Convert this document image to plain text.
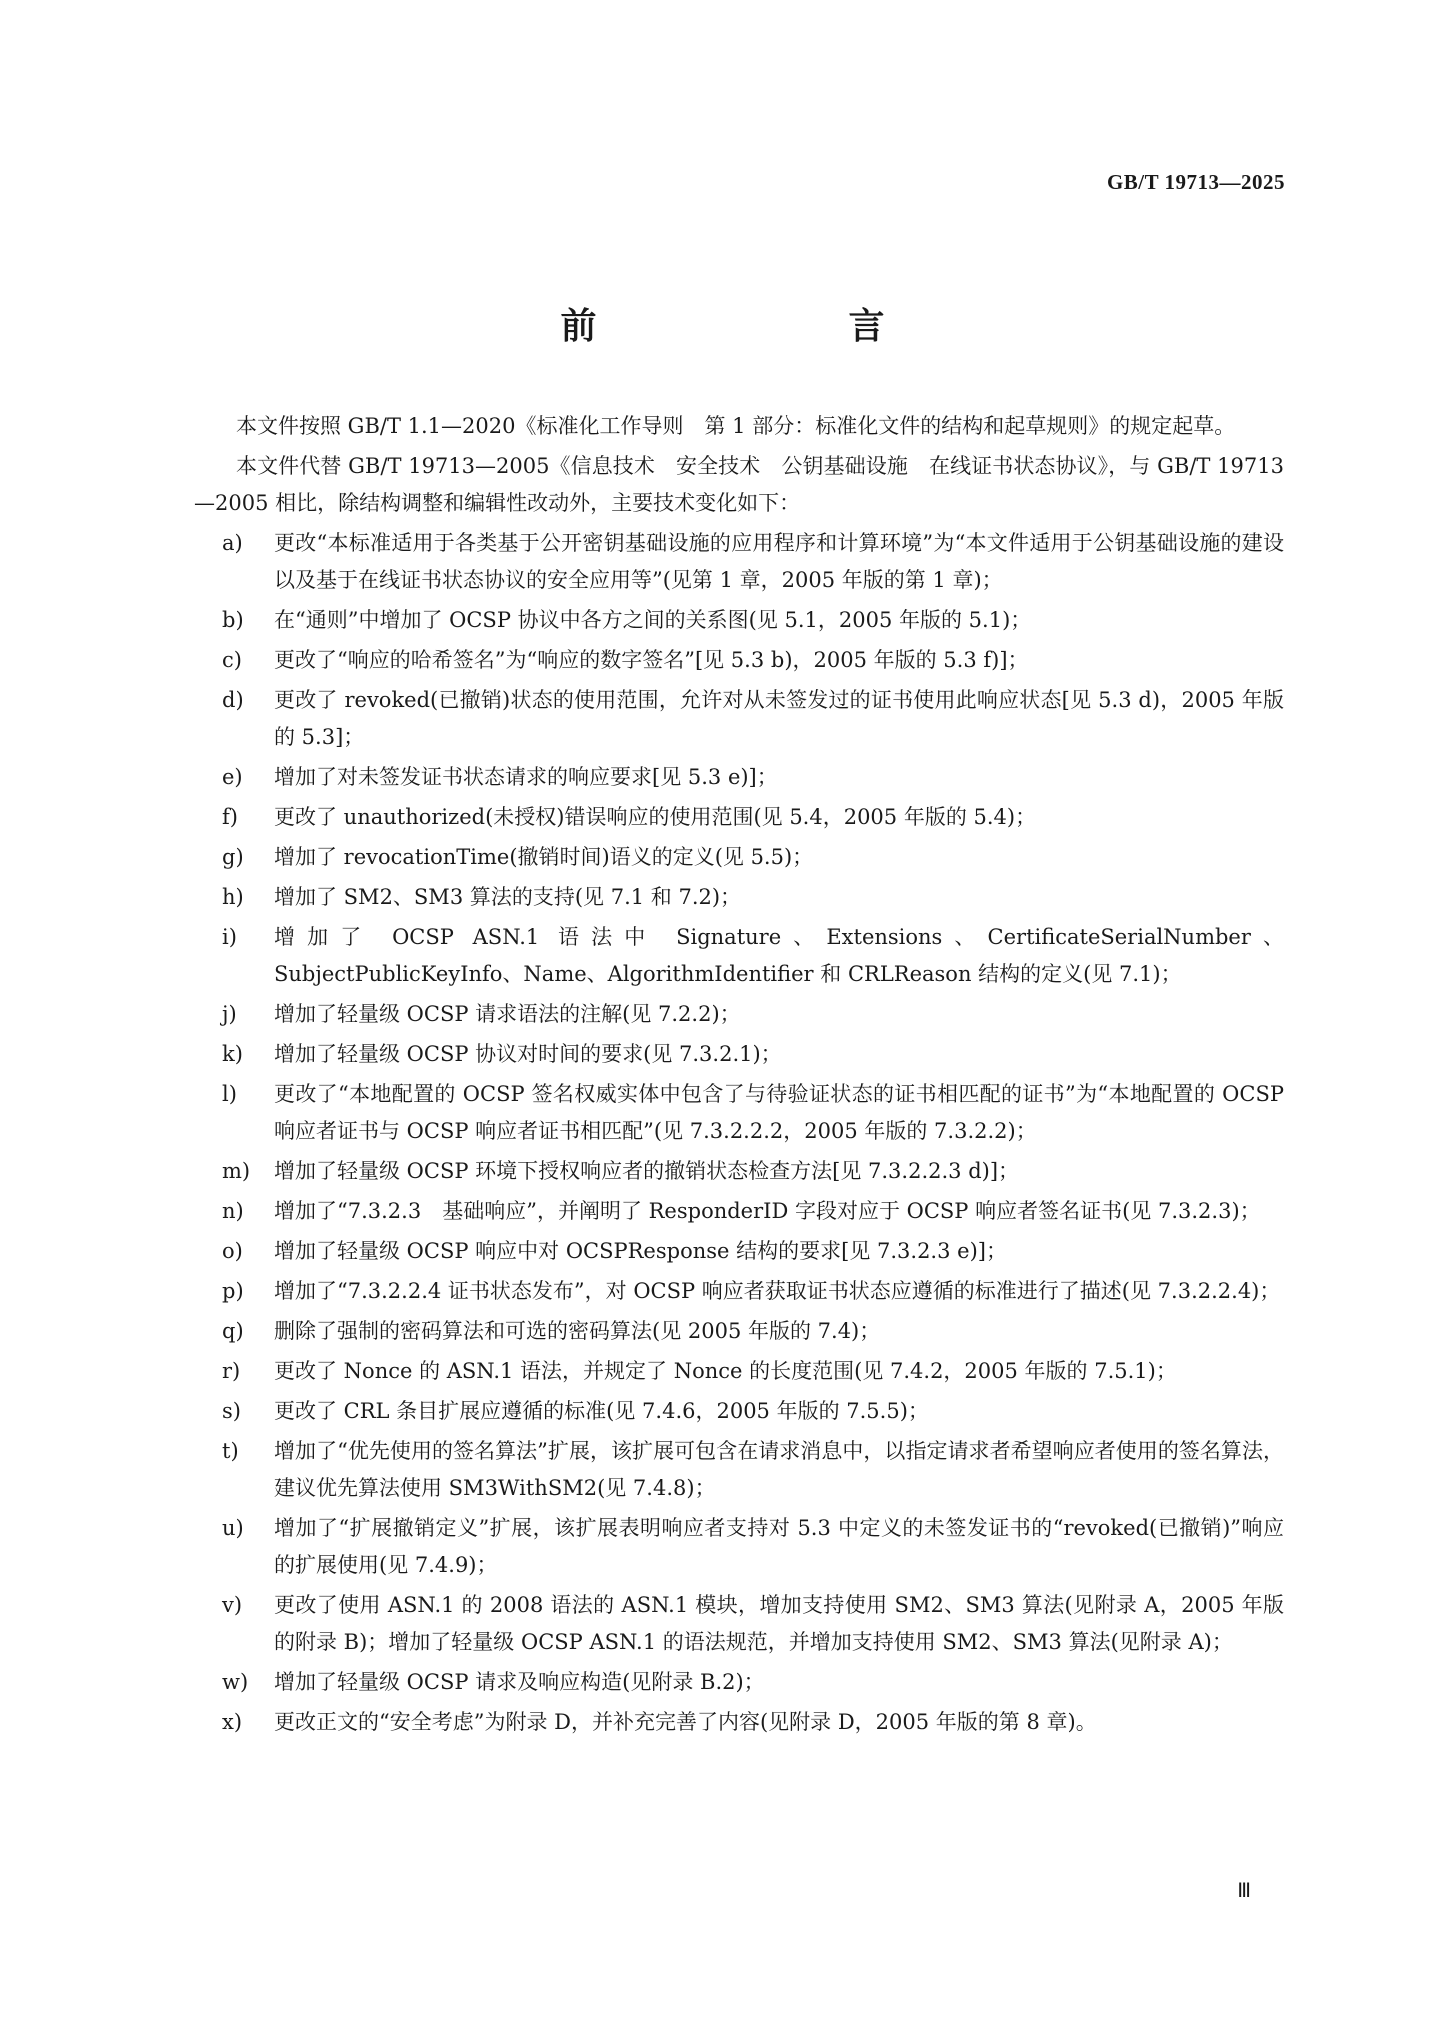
GB/T 19713—2025
前　　言

本文件按照 GB/T 1.1—2020《标准化工作导则　第 1 部分：标准化文件的结构和起草规则》的规定起草。

本文件代替 GB/T 19713—2005《信息技术　安全技术　公钥基础设施　在线证书状态协议》，与 GB/T 19713—2005 相比，除结构调整和编辑性改动外，主要技术变化如下：

a)	更改“本标准适用于各类基于公开密钥基础设施的应用程序和计算环境”为“本文件适用于公钥基础设施的建设以及基于在线证书状态协议的安全应用等”(见第 1 章，2005 年版的第 1 章)；
b)	在“通则”中增加了 OCSP 协议中各方之间的关系图(见 5.1，2005 年版的 5.1)；
c)	更改了“响应的哈希签名”为“响应的数字签名”[见 5.3 b)，2005 年版的 5.3 f)]；
d)	更改了 revoked(已撤销)状态的使用范围，允许对从未签发过的证书使用此响应状态[见 5.3 d)，2005 年版的 5.3]；
e)	增加了对未签发证书状态请求的响应要求[见 5.3 e)]；
f)	更改了 unauthorized(未授权)错误响应的使用范围(见 5.4，2005 年版的 5.4)；
g)	增加了 revocationTime(撤销时间)语义的定义(见 5.5)；
h)	增加了 SM2、SM3 算法的支持(见 7.1 和 7.2)；
i)	增加了 OCSP ASN.1 语法中 Signature、Extensions、CertificateSerialNumber、SubjectPublicKeyInfo、Name、AlgorithmIdentifier 和 CRLReason 结构的定义(见 7.1)；
j)	增加了轻量级 OCSP 请求语法的注解(见 7.2.2)；
k)	增加了轻量级 OCSP 协议对时间的要求(见 7.3.2.1)；
l)	更改了“本地配置的 OCSP 签名权威实体中包含了与待验证状态的证书相匹配的证书”为“本地配置的 OCSP 响应者证书与 OCSP 响应者证书相匹配”(见 7.3.2.2.2，2005 年版的 7.3.2.2)；
m)	增加了轻量级 OCSP 环境下授权响应者的撤销状态检查方法[见 7.3.2.2.3 d)]；
n)	增加了“7.3.2.3　基础响应”，并阐明了 ResponderID 字段对应于 OCSP 响应者签名证书(见 7.3.2.3)；
o)	增加了轻量级 OCSP 响应中对 OCSPResponse 结构的要求[见 7.3.2.3 e)]；
p)	增加了“7.3.2.2.4 证书状态发布”，对 OCSP 响应者获取证书状态应遵循的标准进行了描述(见 7.3.2.2.4)；
q)	删除了强制的密码算法和可选的密码算法(见 2005 年版的 7.4)；
r)	更改了 Nonce 的 ASN.1 语法，并规定了 Nonce 的长度范围(见 7.4.2，2005 年版的 7.5.1)；
s)	更改了 CRL 条目扩展应遵循的标准(见 7.4.6，2005 年版的 7.5.5)；
t)	增加了“优先使用的签名算法”扩展，该扩展可包含在请求消息中，以指定请求者希望响应者使用的签名算法，建议优先算法使用 SM3WithSM2(见 7.4.8)；
u)	增加了“扩展撤销定义”扩展，该扩展表明响应者支持对 5.3 中定义的未签发证书的“revoked(已撤销)”响应的扩展使用(见 7.4.9)；
v)	更改了使用 ASN.1 的 2008 语法的 ASN.1 模块，增加支持使用 SM2、SM3 算法(见附录 A，2005 年版的附录 B)；增加了轻量级 OCSP ASN.1 的语法规范，并增加支持使用 SM2、SM3 算法(见附录 A)；
w)	增加了轻量级 OCSP 请求及响应构造(见附录 B.2)；
x)	更改正文的“安全考虑”为附录 D，并补充完善了内容(见附录 D，2005 年版的第 8 章)。
Ⅲ
